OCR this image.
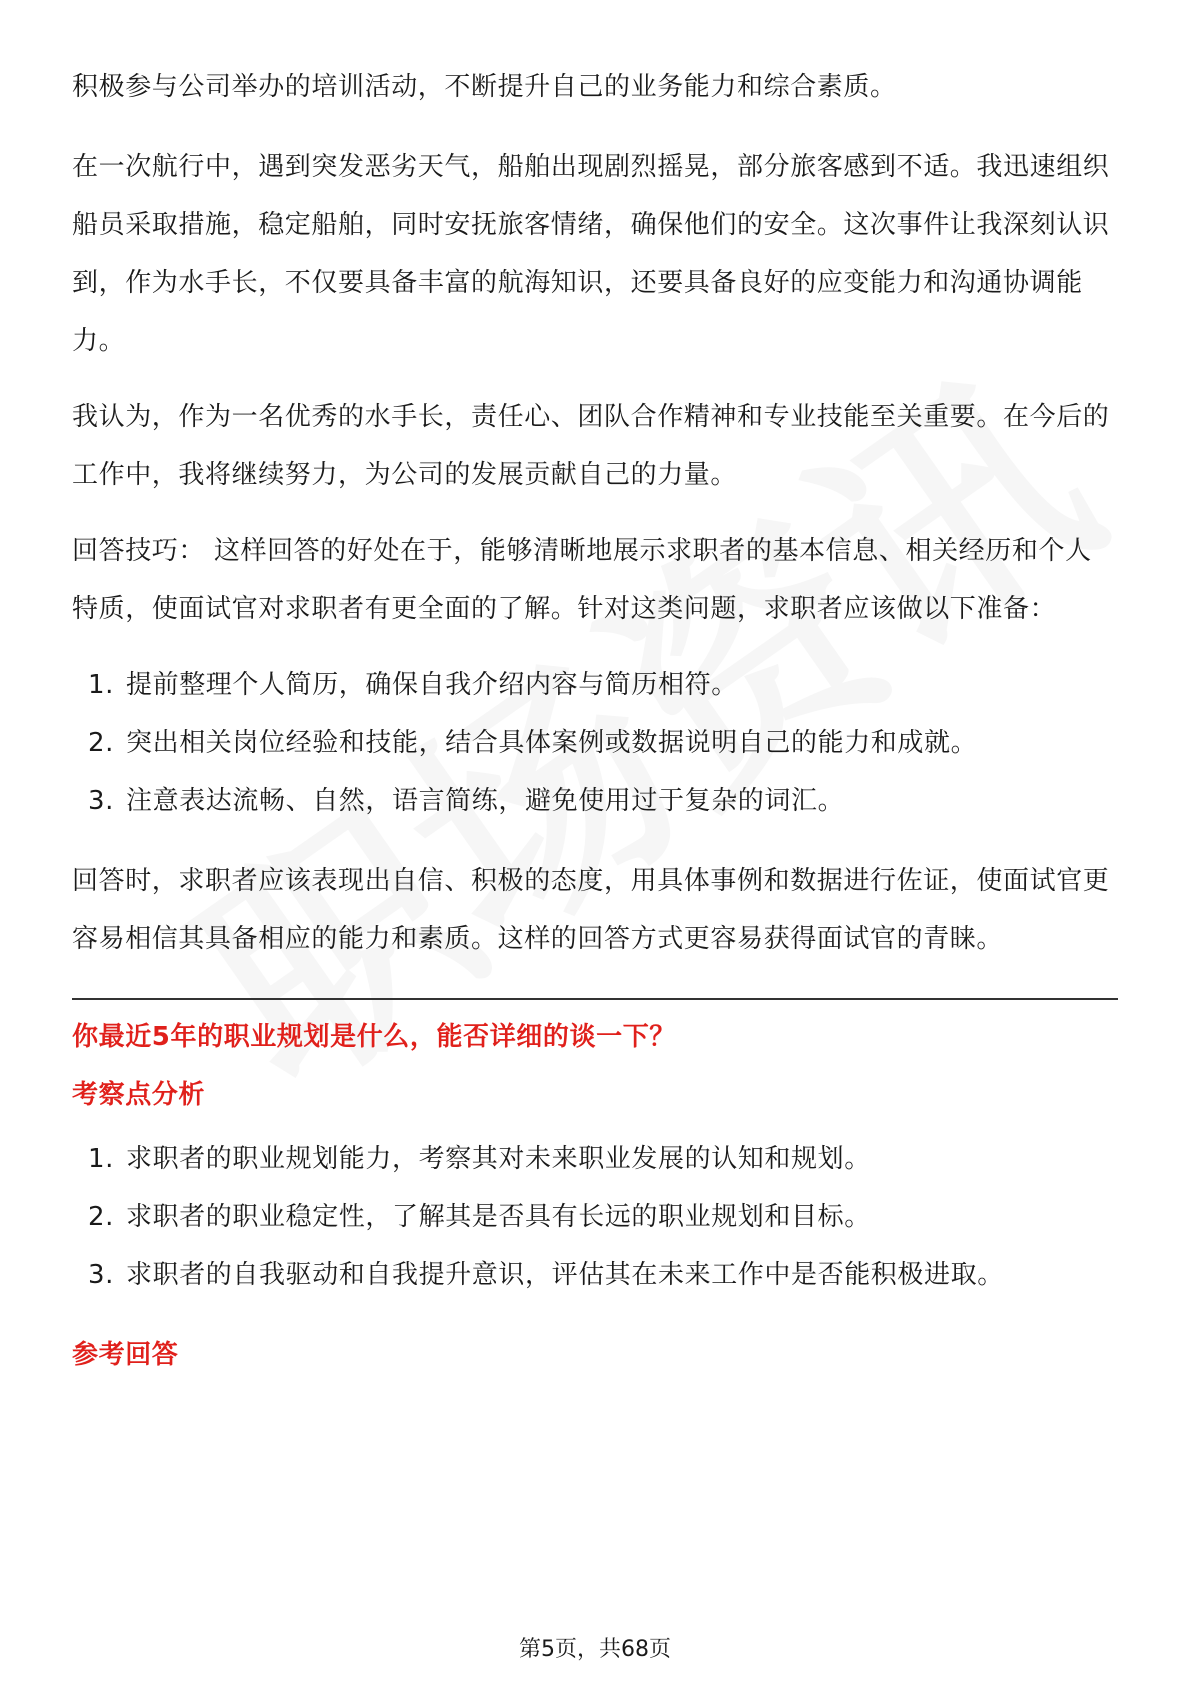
积极参与公司举办的培训活动，不断提升自己的业务能力和综合素质。

在一次航行中，遇到突发恶劣天气，船舶出现剧烈摇晃，部分旅客感到不适。我迅速组织船员采取措施，稳定船舶，同时安抚旅客情绪，确保他们的安全。这次事件让我深刻认识到，作为水手长，不仅要具备丰富的航海知识，还要具备良好的应变能力和沟通协调能力。

我认为，作为一名优秀的水手长，责任心、团队合作精神和专业技能至关重要。在今后的工作中，我将继续努力，为公司的发展贡献自己的力量。

回答技巧： 这样回答的好处在于，能够清晰地展示求职者的基本信息、相关经历和个人特质，使面试官对求职者有更全面的了解。针对这类问题，求职者应该做以下准备：

1. 提前整理个人简历，确保自我介绍内容与简历相符。
2. 突出相关岗位经验和技能，结合具体案例或数据说明自己的能力和成就。
3. 注意表达流畅、自然，语言简练，避免使用过于复杂的词汇。

回答时，求职者应该表现出自信、积极的态度，用具体事例和数据进行佐证，使面试官更容易相信其具备相应的能力和素质。这样的回答方式更容易获得面试官的青睐。

你最近5年的职业规划是什么，能否详细的谈一下？

考察点分析

1. 求职者的职业规划能力，考察其对未来职业发展的认知和规划。
2. 求职者的职业稳定性，了解其是否具有长远的职业规划和目标。
3. 求职者的自我驱动和自我提升意识，评估其在未来工作中是否能积极进取。

参考回答

第5页，共68页
